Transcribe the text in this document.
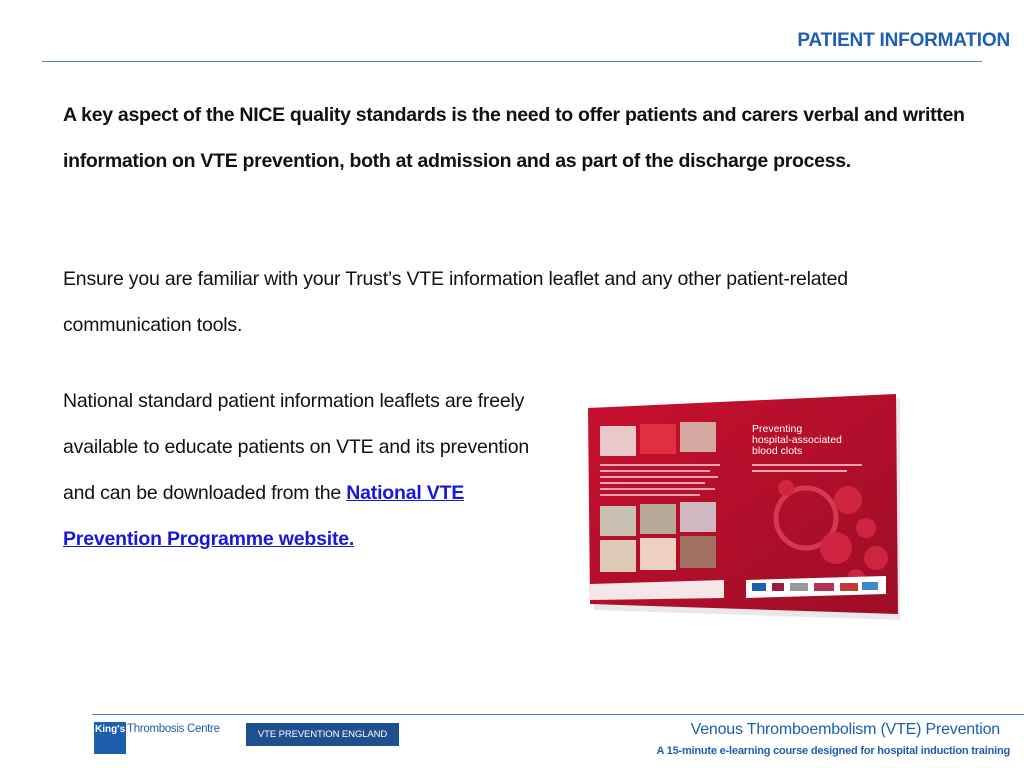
PATIENT INFORMATION
A key aspect of the NICE quality standards is the need to offer patients and carers verbal and written information on VTE prevention, both at admission and as part of the discharge process.
Ensure you are familiar with your Trust’s VTE information leaflet and any other patient-related communication tools.
National standard patient information leaflets are freely available to educate patients on VTE and its prevention and can be downloaded from the National VTE Prevention Programme website.
Preventing hospital-associated blood clots
King's Thrombosis Centre	VTE PREVENTION ENGLAND	Venous Thromboembolism (VTE) Prevention
A 15-minute e-learning course designed for hospital induction training
